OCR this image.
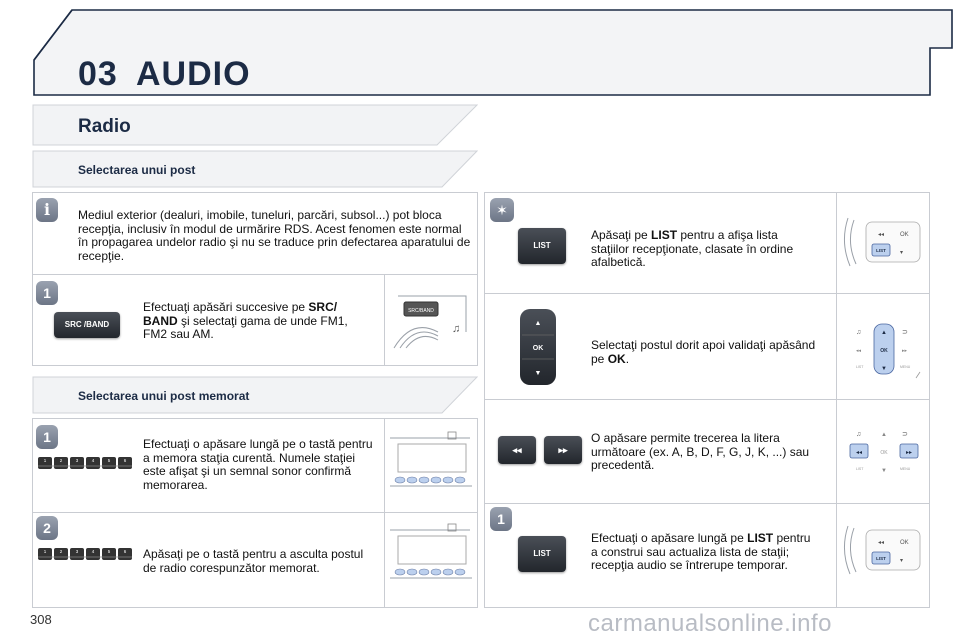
03 AUDIO
Radio
Selectarea unui post
i	Mediul exterior (dealuri, imobile, tuneluri, parcări, subsol...) pot bloca recepţia, inclusiv în modul de urmărire RDS. Acest fenomen este normal în propagarea undelor radio şi nu se traduce prin defectarea aparatului de recepţie.
1
SRC /BAND
Efectuaţi apăsări succesive pe SRC/ BAND şi selectaţi gama de unde FM1, FM2 sau AM.
SRC/BAND
♫
Selectarea unui post memorat
1
1	2	3	4	5	6
Efectuaţi o apăsare lungă pe o tastă pentru a memora staţia curentă. Numele staţiei este afişat şi un semnal sonor confirmă memorarea.
2
1	2	3	4	5	6 Apăsaţi pe o tastă pentru a asculta postul de radio corespunzător memorat.
✶
LIST
Apăsaţi pe LIST pentru a afişa lista staţiilor recepţionate, clasate în ordine afalbetică.
◂◂	OK
LIST ▾
▲
OK
▼
Selectaţi postul dorit apoi validaţi apăsând pe OK.
♫	⊃
◂◂	▸▸
▲
OK
▼
LIST	MENU
◂◂	▸▸
O apăsare permite trecerea la litera următoare (ex. A, B, D, F, G, J, K, ...) sau precedentă.
♫	⊃
▲
◂◂	OK	▸▸
▼
LIST	MENU
1
LIST
Efectuaţi o apăsare lungă pe LIST pentru a construi sau actualiza lista de staţii; recepţia audio se întrerupe temporar.
◂◂	OK
LIST ▾
308	carmanualsonline.info
